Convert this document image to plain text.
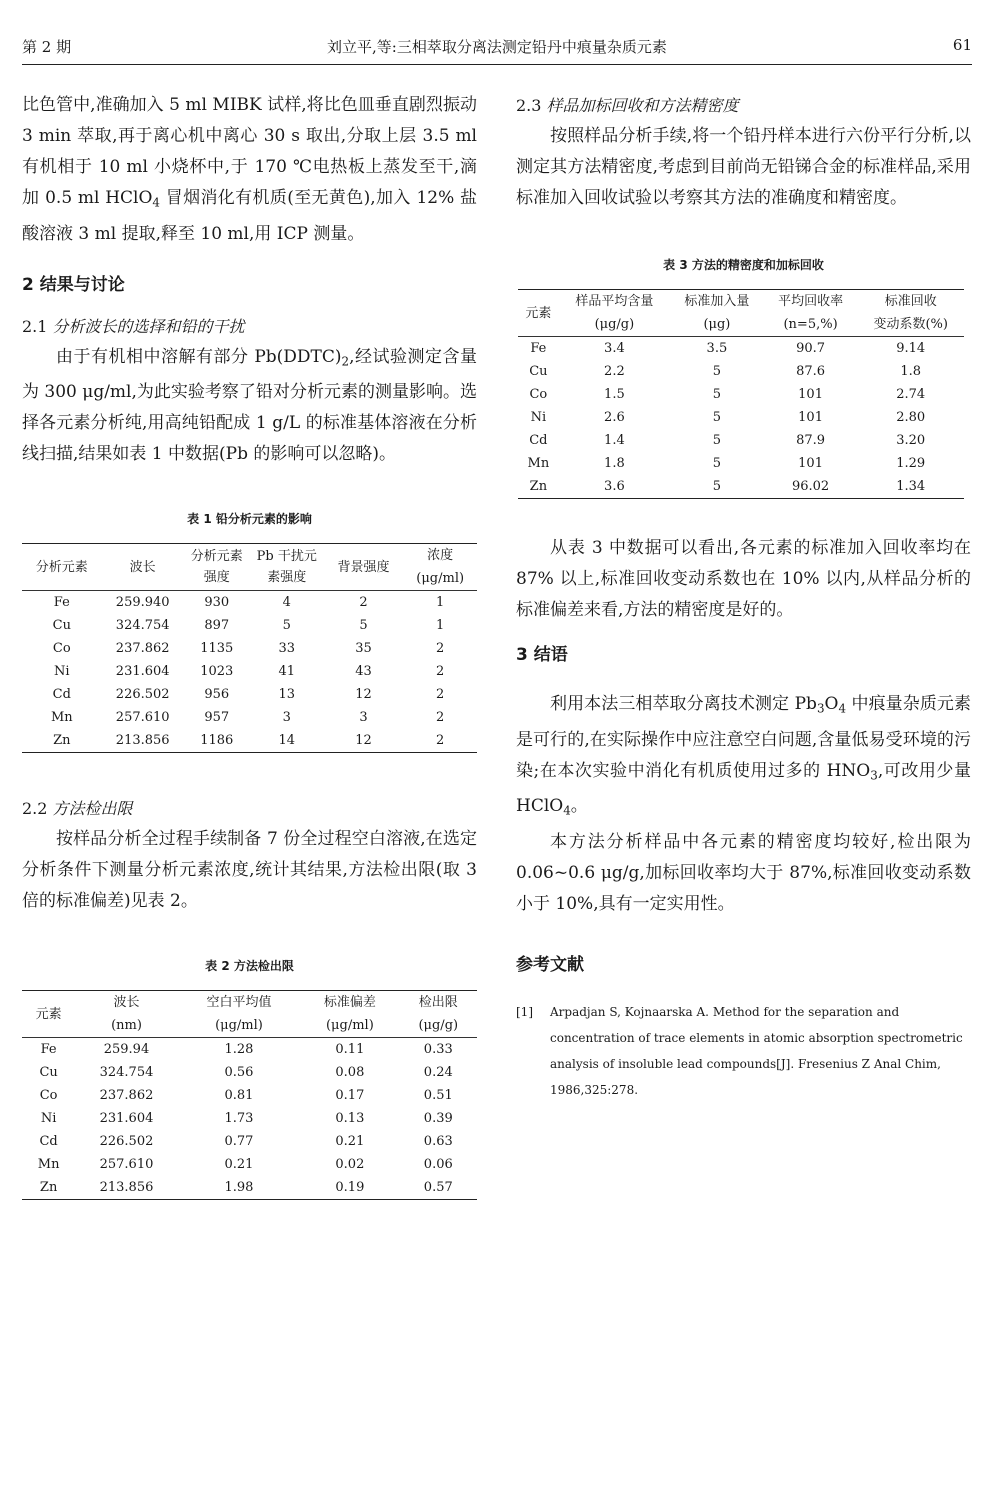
第 2 期	刘立平,等:三相萃取分离法测定铅丹中痕量杂质元素	61

比色管中,准确加入 5 ml MIBK 试样,将比色皿垂直剧烈振动 3 min 萃取,再于离心机中离心 30 s 取出,分取上层 3.5 ml 有机相于 10 ml 小烧杯中,于 170 ℃电热板上蒸发至干,滴加 0.5 ml HClO$_4$ 冒烟消化有机质(至无黄色),加入 12% 盐酸溶液 3 ml 提取,释至 10 ml,用 ICP 测量。

2 结果与讨论
2.1 分析波长的选择和铅的干扰

由于有机相中溶解有部分 $Pb(DDTC)_2$,经试验测定含量为 300 μg/ml,为此实验考察了铅对分析元素的测量影响。选择各元素分析纯,用高纯铅配成 1 g/L 的标准基体溶液在分析线扫描,结果如表 1 中数据(Pb 的影响可以忽略)。

表 1 铅分析元素的影响
分析元素	波长	分析元素强度	Pb 干扰元素强度	背景强度	浓度
					(μg/ml)
Fe	259.940	930	4	2	1
Cu	324.754	897	5	5	1
Co	237.862	1135	33	35	2
Ni	231.604	1023	41	43	2
Cd	226.502	956	13	12	2
Mn	257.610	957	3	3	2
Zn	213.856	1186	14	12	2
2.2 方法检出限

按样品分析全过程手续制备 7 份全过程空白溶液,在选定分析条件下测量分析元素浓度,统计其结果,方法检出限(取 3 倍的标准偏差)见表 2。

表 2 方法检出限
元素	波长	空白平均值	标准偏差	检出限
	(nm)	(μg/ml)	(μg/ml)	(μg/g)
Fe	259.94	1.28	0.11	0.33
Cu	324.754	0.56	0.08	0.24
Co	237.862	0.81	0.17	0.51
Ni	231.604	1.73	0.13	0.39
Cd	226.502	0.77	0.21	0.63
Mn	257.610	0.21	0.02	0.06
Zn	213.856	1.98	0.19	0.57
2.3 样品加标回收和方法精密度

按照样品分析手续,将一个铅丹样本进行六份平行分析,以测定其方法精密度,考虑到目前尚无铅锑合金的标准样品,采用标准加入回收试验以考察其方法的准确度和精密度。

表 3 方法的精密度和加标回收
元素	样品平均含量	标准加入量	平均回收率	标准回收
	(μg/g)	(μg)	(n=5,%)	变动系数(%)
Fe	3.4	3.5	90.7	9.14
Cu	2.2	5	87.6	1.8
Co	1.5	5	101	2.74
Ni	2.6	5	101	2.80
Cd	1.4	5	87.9	3.20
Mn	1.8	5	101	1.29
Zn	3.6	5	96.02	1.34

从表 3 中数据可以看出,各元素的标准加入回收率均在 87% 以上,标准回收变动系数也在 10% 以内,从样品分析的标准偏差来看,方法的精密度是好的。

3 结语

利用本法三相萃取分离技术测定 $Pb_3O_4$ 中痕量杂质元素是可行的,在实际操作中应注意空白问题,含量低易受环境的污染;在本次实验中消化有机质使用过多的 $HNO_3$,可改用少量 HClO$_4$。

本方法分析样品中各元素的精密度均较好,检出限为 0.06~0.6 μg/g,加标回收率均大于 87%,标准回收变动系数小于 10%,具有一定实用性。

参考文献
[1]	Arpadjan S, Kojnaarska A. Method for the separation and concentration of trace elements in atomic absorption spectrometric analysis of insoluble lead compounds[J]. Fresenius Z Anal Chim, 1986,325:278.
